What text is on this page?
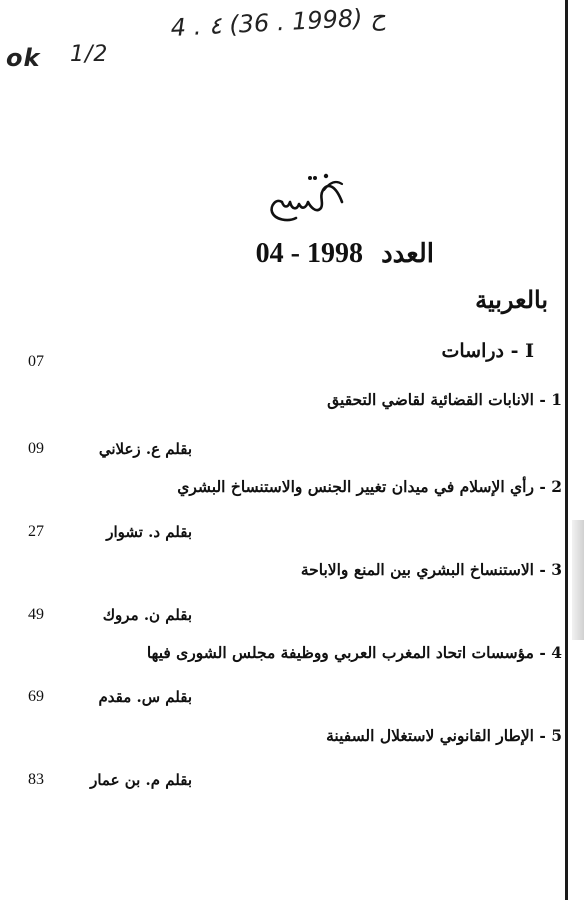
ok 1/2
4 . ٤ (36 . ح (1998
العدد  04 - 1998
بالعربية
I - دراسات
07
1 - الانابات القضائية لقاضي التحقيق
بقلم ع. زعلاني
09
2 - رأي الإسلام في ميدان تغيير الجنس والاستنساخ البشري
بقلم د. تشوار
27
3 - الاستنساخ البشري بين المنع والاباحة
بقلم ن. مروك
49
4 - مؤسسات اتحاد المغرب العربي ووظيفة مجلس الشورى فيها
بقلم س. مقدم
69
5 - الإطار القانوني لاستغلال السفينة
بقلم م. بن عمار
83
